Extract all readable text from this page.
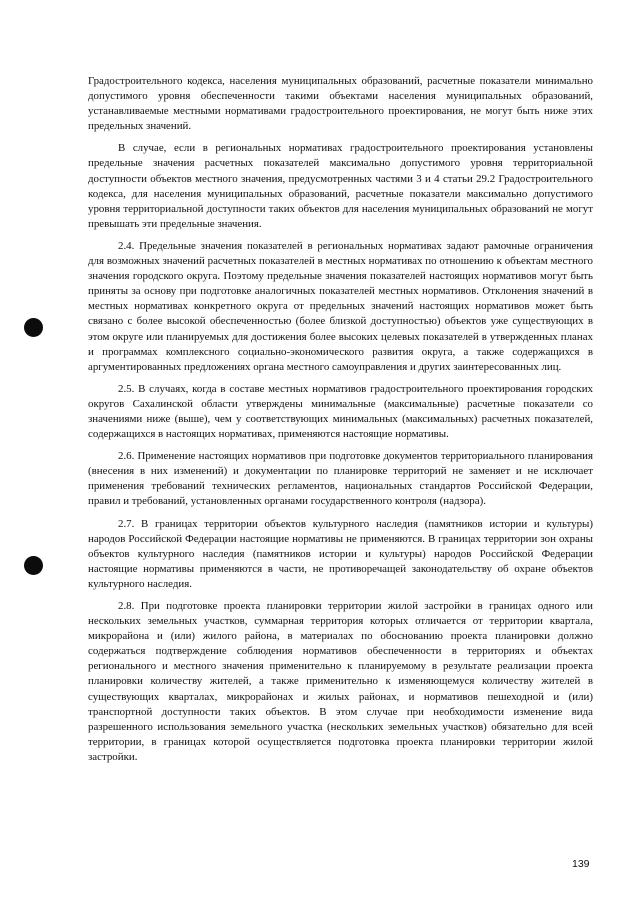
Градостроительного кодекса, населения муниципальных образований, расчетные показатели минимально допустимого уровня обеспеченности такими объектами населения муниципальных образований, устанавливаемые местными нормативами градостроительного проектирования, не могут быть ниже этих предельных значений.

В случае, если в региональных нормативах градостроительного проектирования установлены предельные значения расчетных показателей максимально допустимого уровня территориальной доступности объектов местного значения, предусмотренных частями 3 и 4 статьи 29.2 Градостроительного кодекса, для населения муниципальных образований, расчетные показатели максимально допустимого уровня территориальной доступности таких объектов для населения муниципальных образований не могут превышать эти предельные значения.

2.4. Предельные значения показателей в региональных нормативах задают рамочные ограничения для возможных значений расчетных показателей в местных нормативах по отношению к объектам местного значения городского округа. Поэтому предельные значения показателей настоящих нормативов могут быть приняты за основу при подготовке аналогичных показателей местных нормативов. Отклонения значений в местных нормативах конкретного округа от предельных значений настоящих нормативов может быть связано с более высокой обеспеченностью (более близкой доступностью) объектов уже существующих в этом округе или планируемых для достижения более высоких целевых показателей в утвержденных планах и программах комплексного социально-экономического развития округа, а также содержащихся в аргументированных предложениях органа местного самоуправления и других заинтересованных лиц.

2.5. В случаях, когда в составе местных нормативов градостроительного проектирования городских округов Сахалинской области утверждены минимальные (максимальные) расчетные показатели со значениями ниже (выше), чем у соответствующих минимальных (максимальных) расчетных показателей, содержащихся в настоящих нормативах, применяются настоящие нормативы.

2.6. Применение настоящих нормативов при подготовке документов территориального планирования (внесения в них изменений) и документации по планировке территорий не заменяет и не исключает применения требований технических регламентов, национальных стандартов Российской Федерации, правил и требований, установленных органами государственного контроля (надзора).

2.7. В границах территории объектов культурного наследия (памятников истории и культуры) народов Российской Федерации настоящие нормативы не применяются. В границах территории зон охраны объектов культурного наследия (памятников истории и культуры) народов Российской Федерации настоящие нормативы применяются в части, не противоречащей законодательству об охране объектов культурного наследия.

2.8. При подготовке проекта планировки территории жилой застройки в границах одного или нескольких земельных участков, суммарная территория которых отличается от территории квартала, микрорайона и (или) жилого района, в материалах по обоснованию проекта планировки должно содержаться подтверждение соблюдения нормативов обеспеченности в территориях и объектах регионального и местного значения применительно к планируемому в результате реализации проекта планировки количеству жителей, а также применительно к изменяющемуся количеству жителей в существующих кварталах, микрорайонах и жилых районах, и нормативов пешеходной и (или) транспортной доступности таких объектов. В этом случае при необходимости изменение вида разрешенного использования земельного участка (нескольких земельных участков) обязательно для всей территории, в границах которой осуществляется подготовка проекта планировки территории жилой застройки.

139
